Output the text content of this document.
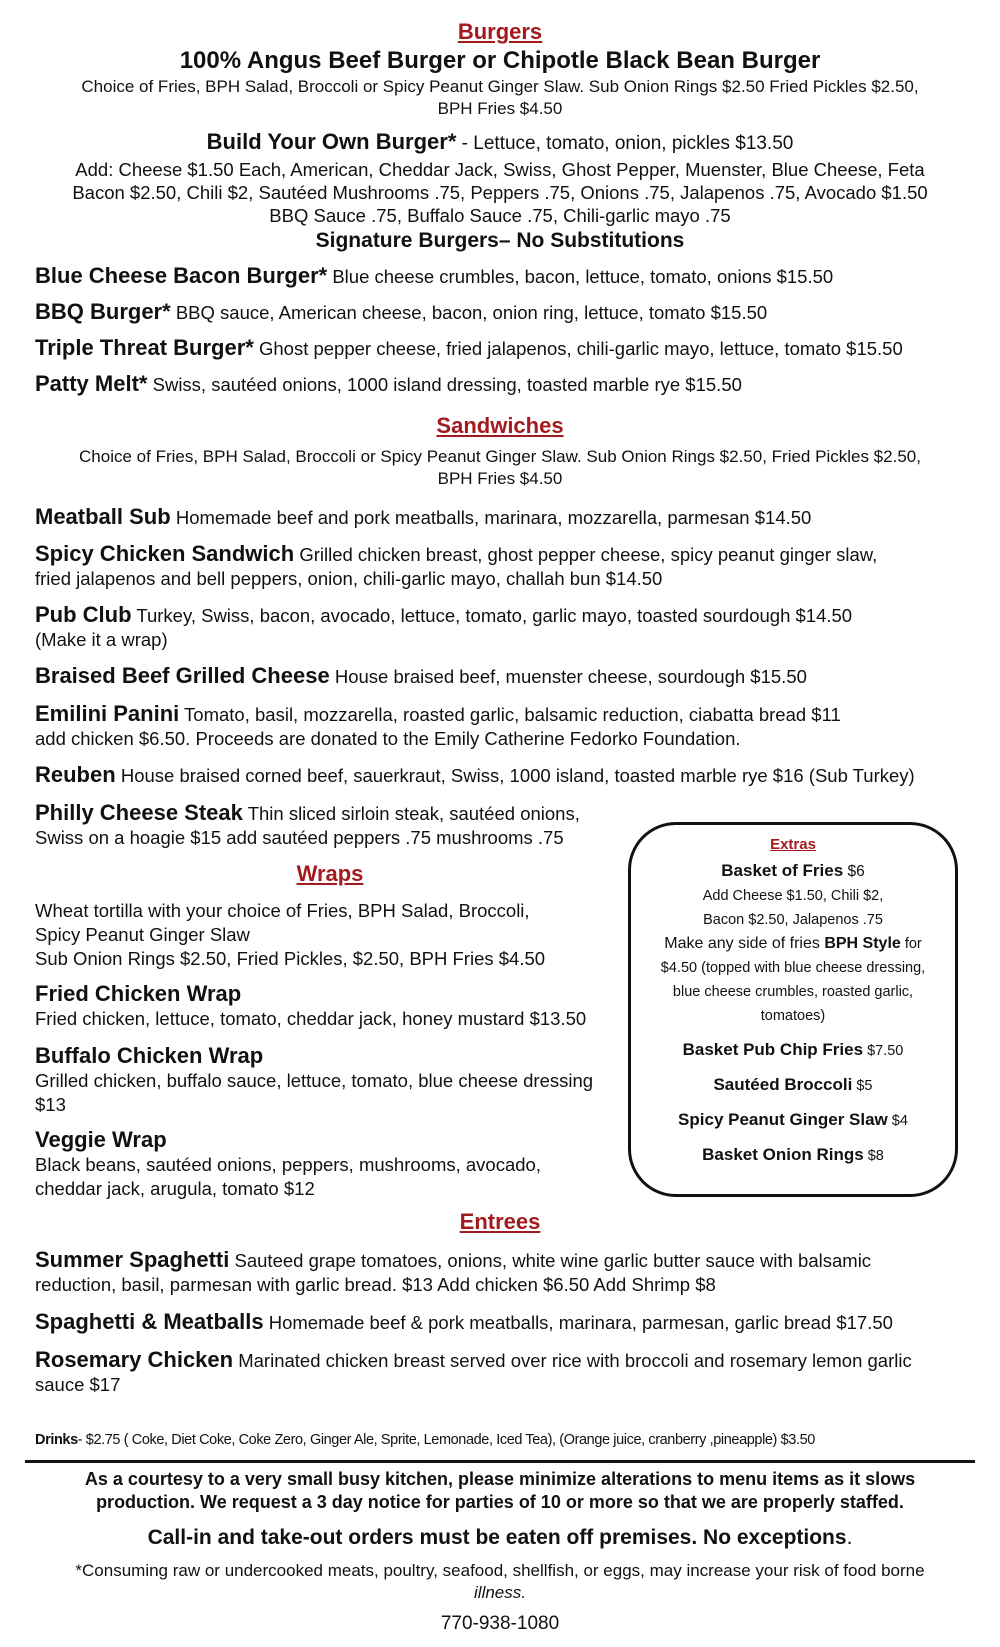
Burgers
100% Angus Beef Burger or Chipotle Black Bean Burger
Choice of Fries, BPH Salad, Broccoli or Spicy Peanut Ginger Slaw. Sub Onion Rings $2.50 Fried Pickles $2.50,
BPH Fries $4.50
Build Your Own Burger* - Lettuce, tomato, onion, pickles $13.50
Add: Cheese $1.50 Each, American, Cheddar Jack, Swiss, Ghost Pepper, Muenster, Blue Cheese, Feta
Bacon $2.50, Chili $2, Sautéed Mushrooms .75, Peppers .75, Onions .75, Jalapenos .75, Avocado $1.50
BBQ Sauce .75, Buffalo Sauce .75, Chili-garlic mayo .75
Signature Burgers– No Substitutions
Blue Cheese Bacon Burger* Blue cheese crumbles, bacon, lettuce, tomato, onions $15.50
BBQ Burger* BBQ sauce, American cheese, bacon, onion ring, lettuce, tomato $15.50
Triple Threat Burger* Ghost pepper cheese, fried jalapenos, chili-garlic mayo, lettuce, tomato $15.50
Patty Melt* Swiss, sautéed onions, 1000 island dressing, toasted marble rye $15.50
Sandwiches
Choice of Fries, BPH Salad, Broccoli or Spicy Peanut Ginger Slaw. Sub Onion Rings $2.50, Fried Pickles $2.50,
BPH Fries $4.50
Meatball Sub Homemade beef and pork meatballs, marinara, mozzarella, parmesan $14.50
Spicy Chicken Sandwich Grilled chicken breast, ghost pepper cheese, spicy peanut ginger slaw,
fried jalapenos and bell peppers, onion, chili-garlic mayo, challah bun $14.50
Pub Club Turkey, Swiss, bacon, avocado, lettuce, tomato, garlic mayo, toasted sourdough $14.50
(Make it a wrap)
Braised Beef Grilled Cheese House braised beef, muenster cheese, sourdough $15.50
Emilini Panini Tomato, basil, mozzarella, roasted garlic, balsamic reduction, ciabatta bread $11
add chicken $6.50. Proceeds are donated to the Emily Catherine Fedorko Foundation.
Reuben House braised corned beef, sauerkraut, Swiss, 1000 island, toasted marble rye $16 (Sub Turkey)
Philly Cheese Steak Thin sliced sirloin steak, sautéed onions,
Swiss on a hoagie $15 add sautéed peppers .75 mushrooms .75
Wraps
Wheat tortilla with your choice of Fries, BPH Salad, Broccoli,
Spicy Peanut Ginger Slaw
Sub Onion Rings $2.50, Fried Pickles, $2.50, BPH Fries $4.50
Fried Chicken Wrap
Fried chicken, lettuce, tomato, cheddar jack, honey mustard $13.50
Buffalo Chicken Wrap
Grilled chicken, buffalo sauce, lettuce, tomato, blue cheese dressing
$13
Veggie Wrap
Black beans, sautéed onions, peppers, mushrooms, avocado,
cheddar jack, arugula, tomato $12
Extras
Basket of Fries $6
Add Cheese $1.50, Chili $2,
Bacon $2.50, Jalapenos .75
Make any side of fries BPH Style for
$4.50 (topped with blue cheese dressing,
blue cheese crumbles, roasted garlic,
tomatoes)
Basket Pub Chip Fries $7.50
Sautéed Broccoli $5
Spicy Peanut Ginger Slaw $4
Basket Onion Rings $8
Entrees
Summer Spaghetti Sauteed grape tomatoes, onions, white wine garlic butter sauce with balsamic
reduction, basil, parmesan with garlic bread. $13 Add chicken $6.50 Add Shrimp $8
Spaghetti & Meatballs Homemade beef & pork meatballs, marinara, parmesan, garlic bread $17.50
Rosemary Chicken Marinated chicken breast served over rice with broccoli and rosemary lemon garlic
sauce $17
Drinks- $2.75 ( Coke, Diet Coke, Coke Zero, Ginger Ale, Sprite, Lemonade, Iced Tea), (Orange juice, cranberry ,pineapple) $3.50
As a courtesy to a very small busy kitchen, please minimize alterations to menu items as it slows
production. We request a 3 day notice for parties of 10 or more so that we are properly staffed.
Call-in and take-out orders must be eaten off premises. No exceptions.
*Consuming raw or undercooked meats, poultry, seafood, shellfish, or eggs, may increase your risk of food borne
illness.
770-938-1080
